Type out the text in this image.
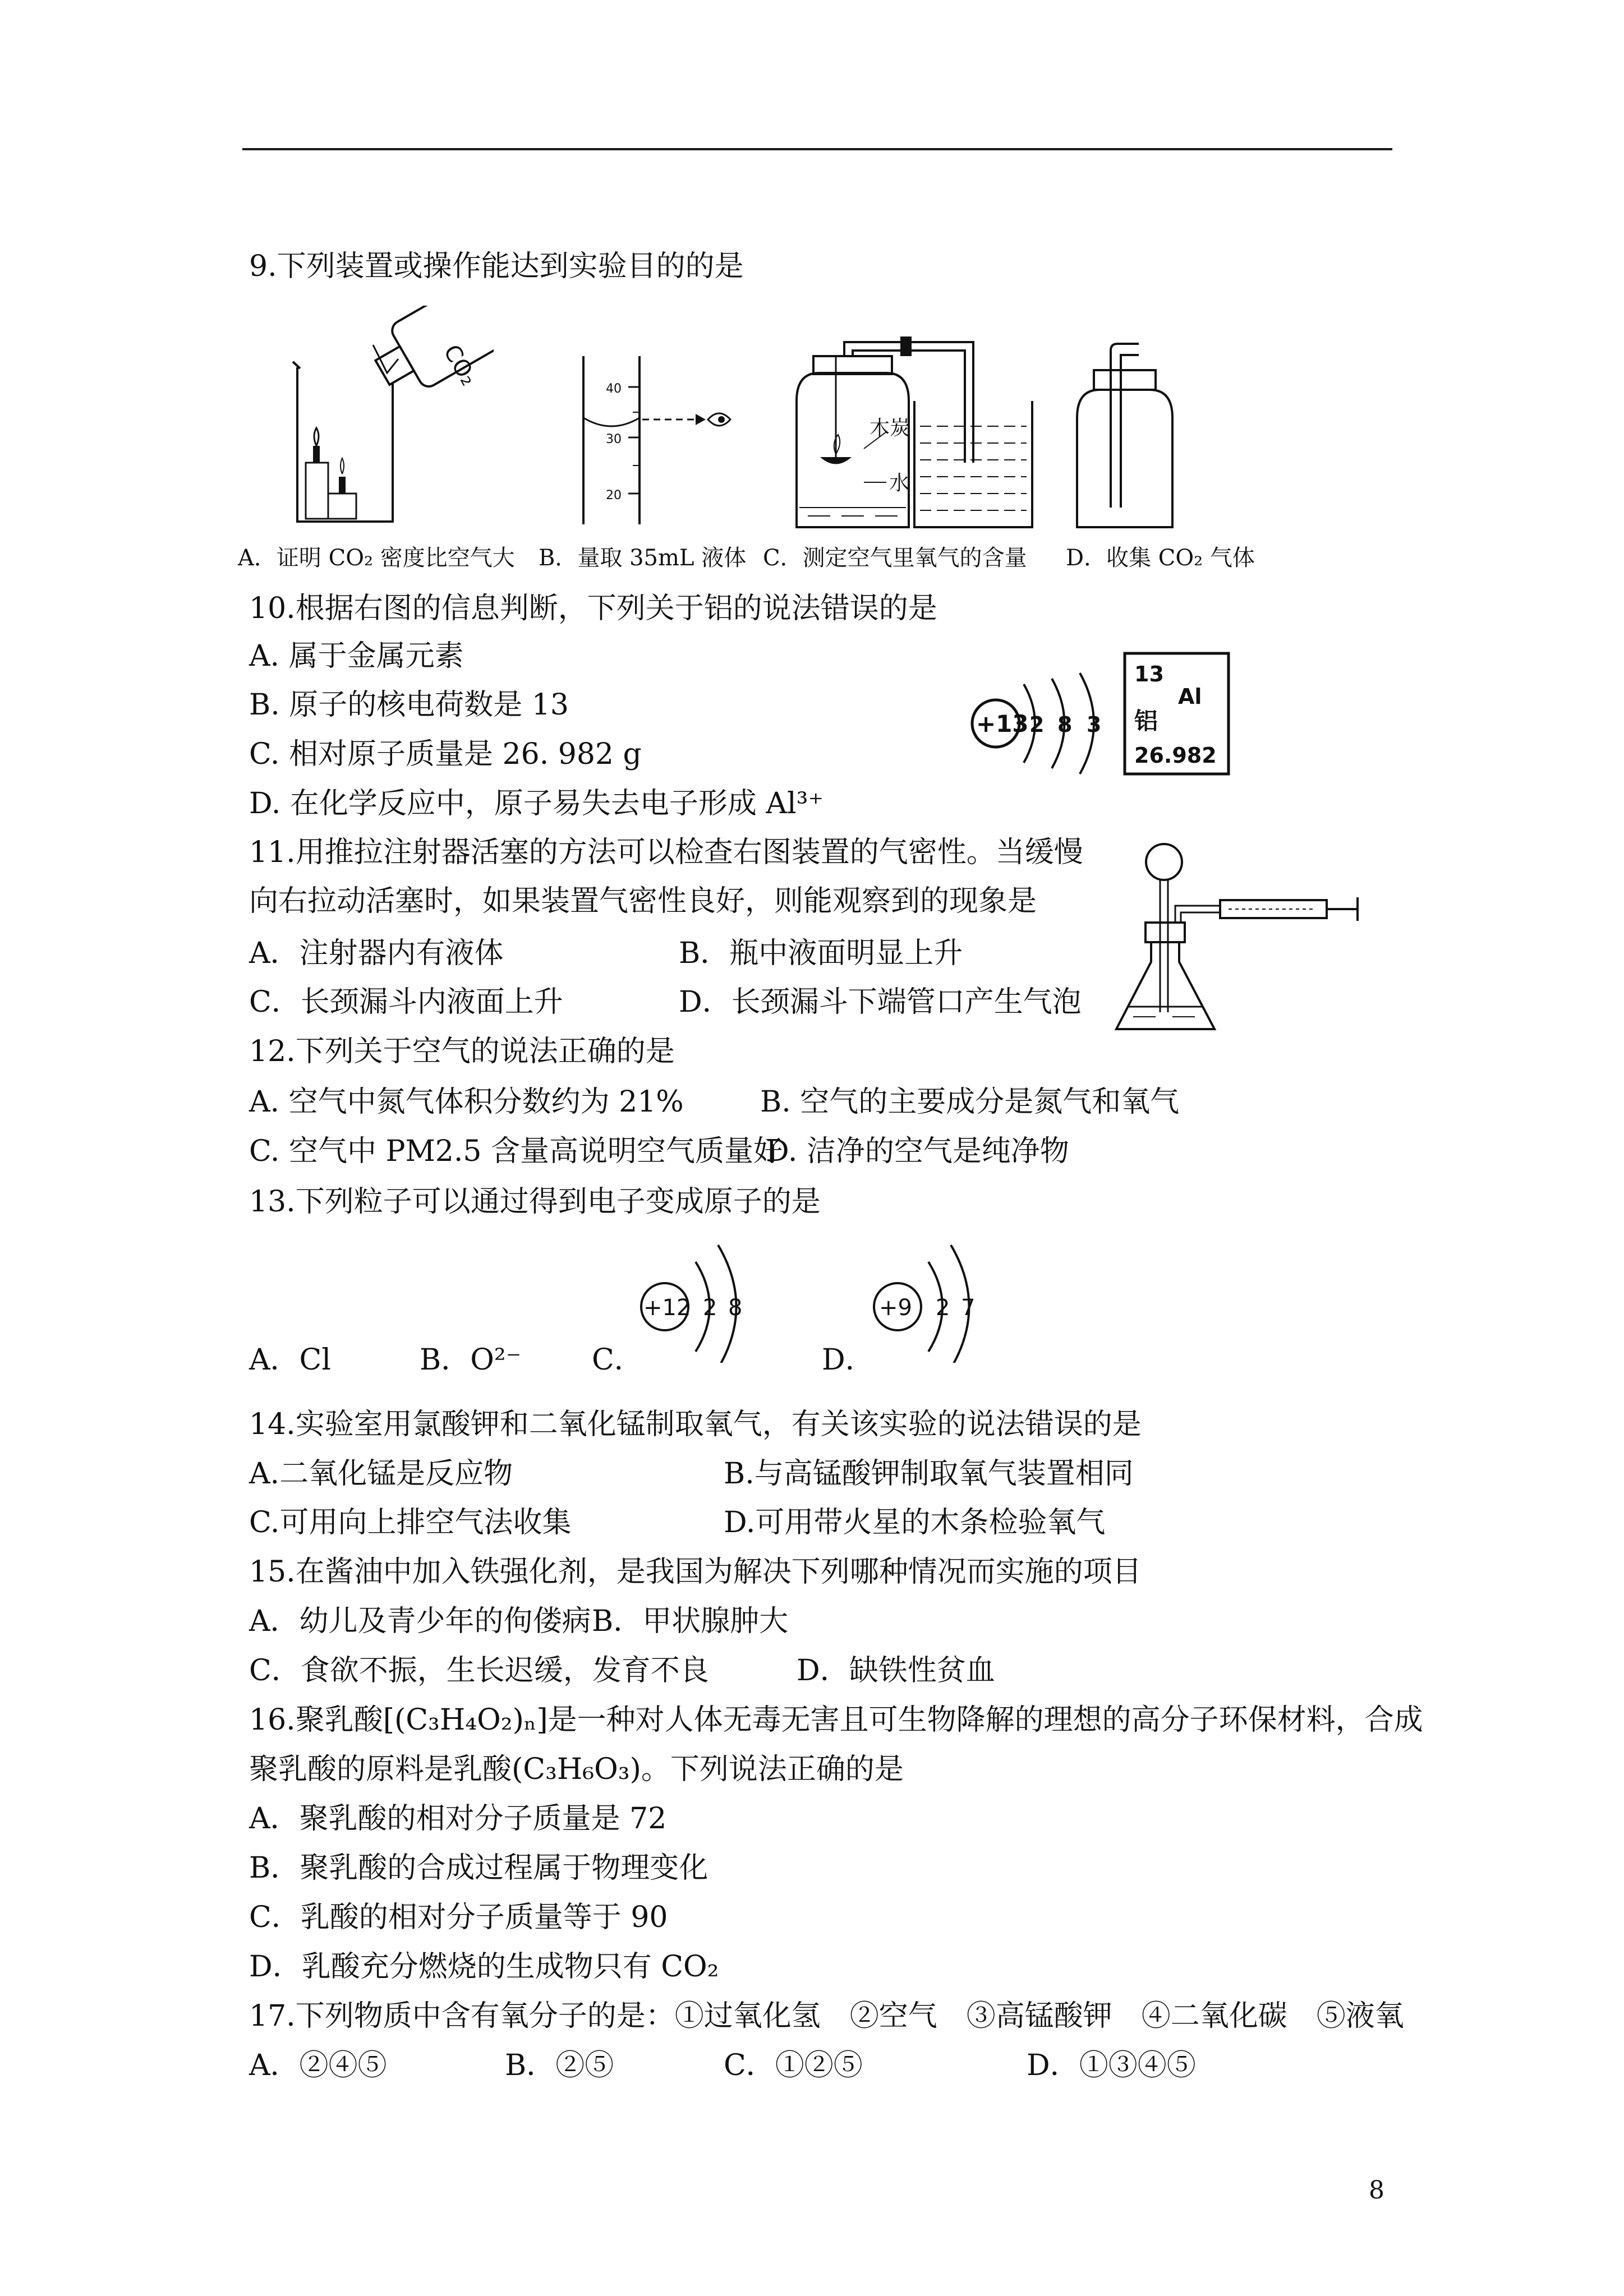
9.下列装置或操作能达到实验目的的是
CO₂	40
30
20
木炭
水
A．证明 CO₂ 密度比空气大 B．量取 35mL 液体 C．测定空气里氧气的含量 D．收集 CO₂ 气体
10.根据右图的信息判断，下列关于铝的说法错误的是
A. 属于金属元素
B. 原子的核电荷数是 13
C. 相对原子质量是 26. 982 g
D. 在化学反应中，原子易失去电子形成 Al³⁺
+13 2 8 3
13
Al
铝
26.982
11.用推拉注射器活塞的方法可以检查右图装置的气密性。当缓慢
向右拉动活塞时，如果装置气密性良好，则能观察到的现象是
A．注射器内有液体	B．瓶中液面明显上升
C．长颈漏斗内液面上升	D．长颈漏斗下端管口产生气泡
12.下列关于空气的说法正确的是
A. 空气中氮气体积分数约为 21%	B. 空气的主要成分是氮气和氧气
C. 空气中 PM2.5 含量高说明空气质量好
D. 洁净的空气是纯净物
13.下列粒子可以通过得到电子变成原子的是
+12 2 8	+9 2 7
A．Cl	B．O²⁻ C．	D．
14.实验室用氯酸钾和二氧化锰制取氧气，有关该实验的说法错误的是
A.二氧化锰是反应物	B.与高锰酸钾制取氧气装置相同
C.可用向上排空气法收集	D.可用带火星的木条检验氧气
15.在酱油中加入铁强化剂，是我国为解决下列哪种情况而实施的项目
A．幼儿及青少年的佝偻病 B．甲状腺肿大
C．食欲不振，生长迟缓，发育不良	D．缺铁性贫血
16.聚乳酸[(C₃H₄O₂)ₙ]是一种对人体无毒无害且可生物降解的理想的高分子环保材料，合成
聚乳酸的原料是乳酸(C₃H₆O₃)。下列说法正确的是
A．聚乳酸的相对分子质量是 72
B．聚乳酸的合成过程属于物理变化
C．乳酸的相对分子质量等于 90
D．乳酸充分燃烧的生成物只有 CO₂
17.下列物质中含有氧分子的是：①过氧化氢　②空气　③高锰酸钾　④二氧化碳　⑤液氧
A．②④⑤	B．②⑤	C．①②⑤	D．①③④⑤
8
